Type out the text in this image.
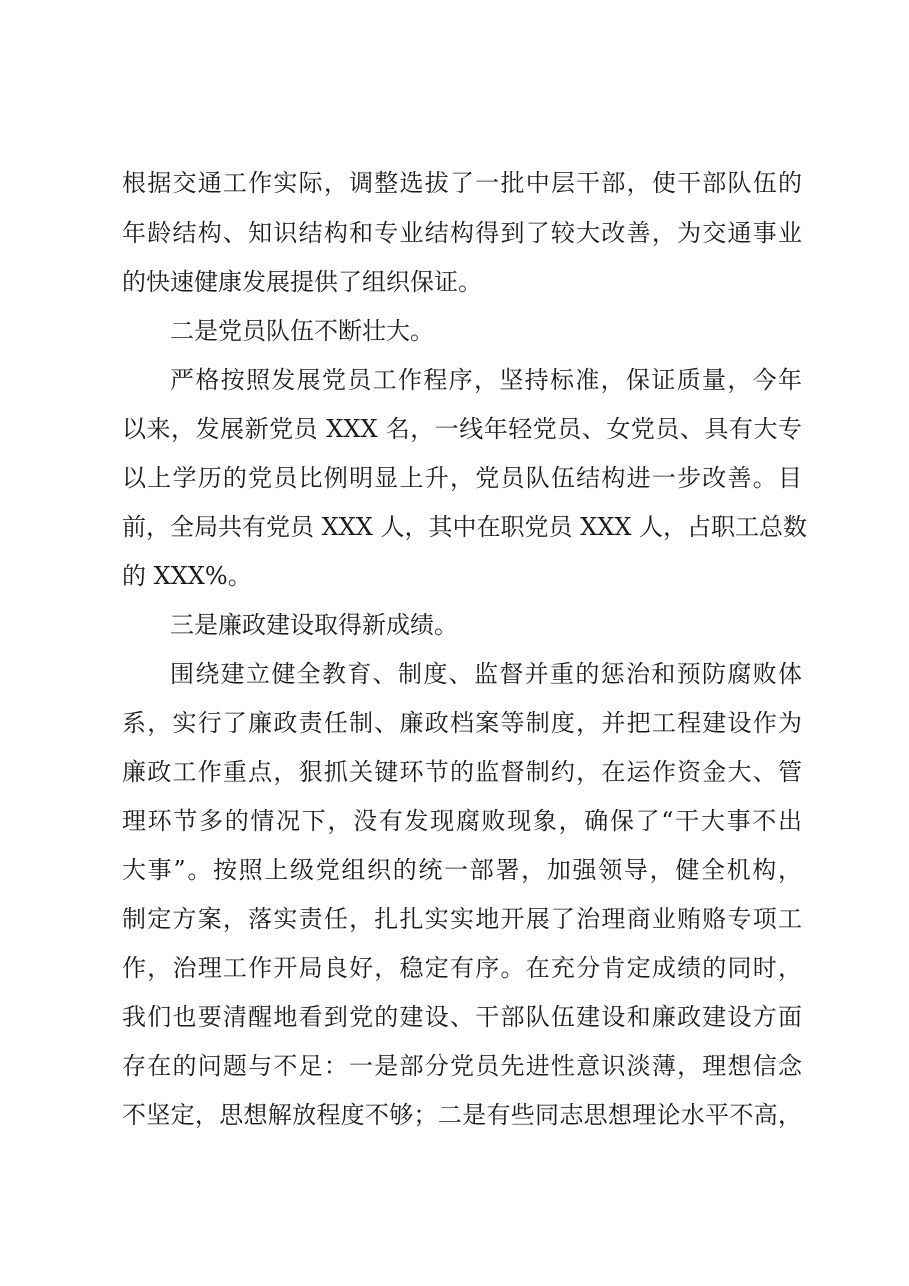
根据交通工作实际，调整选拔了一批中层干部，使干部队伍的
年龄结构、知识结构和专业结构得到了较大改善，为交通事业
的快速健康发展提供了组织保证。
二是党员队伍不断壮大。
严格按照发展党员工作程序，坚持标准，保证质量，今年
以来，发展新党员 XXX 名，一线年轻党员、女党员、具有大专
以上学历的党员比例明显上升，党员队伍结构进一步改善。目
前，全局共有党员 XXX 人，其中在职党员 XXX 人，占职工总数
的 XXX%。
三是廉政建设取得新成绩。
围绕建立健全教育、制度、监督并重的惩治和预防腐败体
系，实行了廉政责任制、廉政档案等制度，并把工程建设作为
廉政工作重点，狠抓关键环节的监督制约，在运作资金大、管
理环节多的情况下，没有发现腐败现象，确保了“干大事不出
大事”。按照上级党组织的统一部署，加强领导，健全机构，
制定方案，落实责任，扎扎实实地开展了治理商业贿赂专项工
作，治理工作开局良好，稳定有序。在充分肯定成绩的同时，
我们也要清醒地看到党的建设、干部队伍建设和廉政建设方面
存在的问题与不足：一是部分党员先进性意识淡薄，理想信念
不坚定，思想解放程度不够；二是有些同志思想理论水平不高，
